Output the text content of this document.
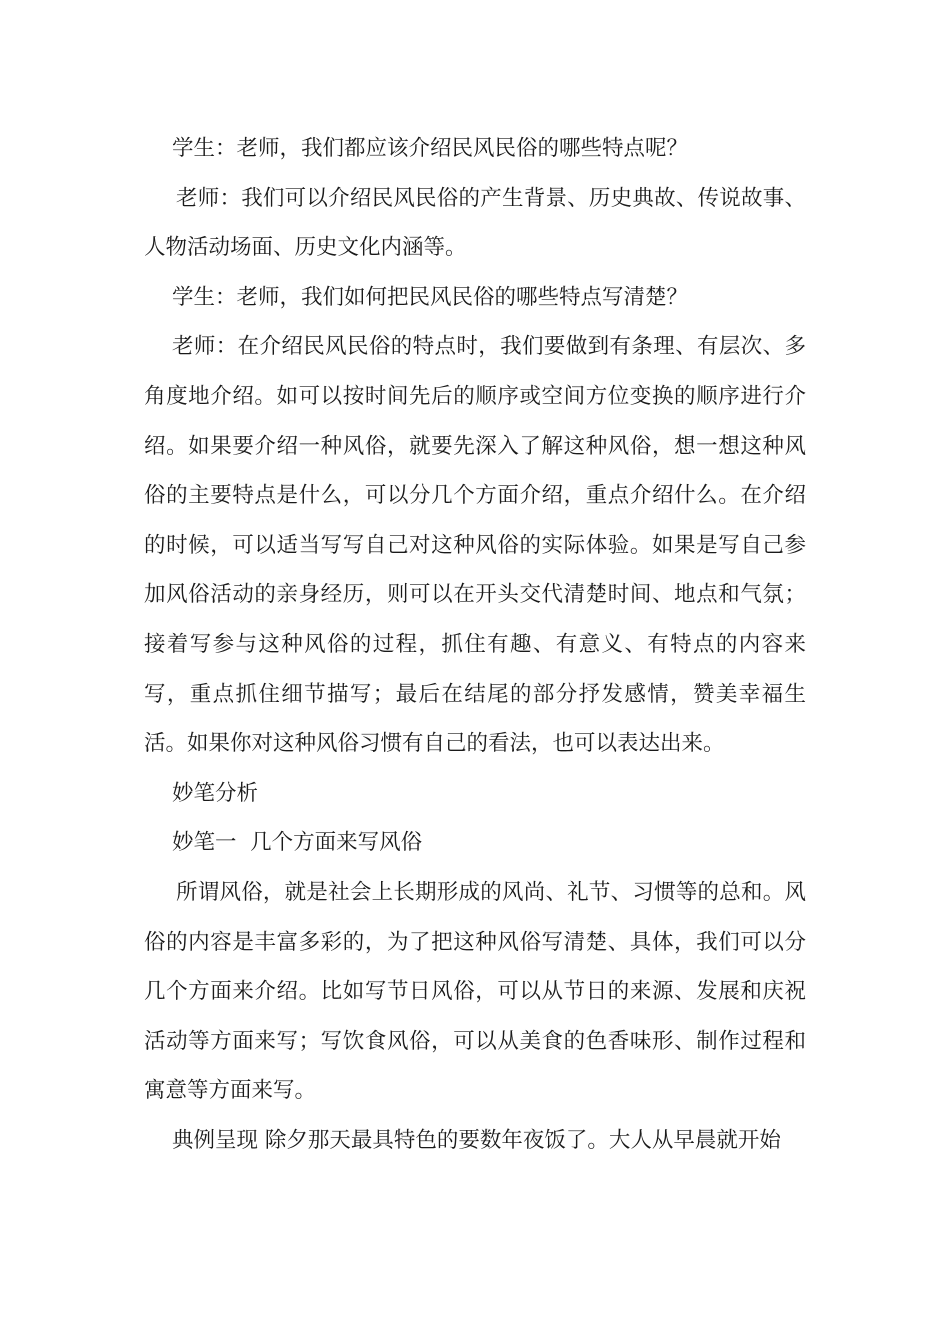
学生：老师，我们都应该介绍民风民俗的哪些特点呢？

老师：我们可以介绍民风民俗的产生背景、历史典故、传说故事、人物活动场面、历史文化内涵等。

学生：老师，我们如何把民风民俗的哪些特点写清楚？

老师：在介绍民风民俗的特点时，我们要做到有条理、有层次、多角度地介绍。如可以按时间先后的顺序或空间方位变换的顺序进行介绍。如果要介绍一种风俗，就要先深入了解这种风俗，想一想这种风俗的主要特点是什么，可以分几个方面介绍，重点介绍什么。在介绍的时候，可以适当写写自己对这种风俗的实际体验。如果是写自己参加风俗活动的亲身经历，则可以在开头交代清楚时间、地点和气氛；接着写参与这种风俗的过程，抓住有趣、有意义、有特点的内容来写，重点抓住细节描写；最后在结尾的部分抒发感情，赞美幸福生活。如果你对这种风俗习惯有自己的看法，也可以表达出来。

妙笔分析

妙笔一  几个方面来写风俗

所谓风俗，就是社会上长期形成的风尚、礼节、习惯等的总和。风俗的内容是丰富多彩的，为了把这种风俗写清楚、具体，我们可以分几个方面来介绍。比如写节日风俗，可以从节日的来源、发展和庆祝活动等方面来写；写饮食风俗，可以从美食的色香味形、制作过程和寓意等方面来写。

典例呈现 除夕那天最具特色的要数年夜饭了。大人从早晨就开始
